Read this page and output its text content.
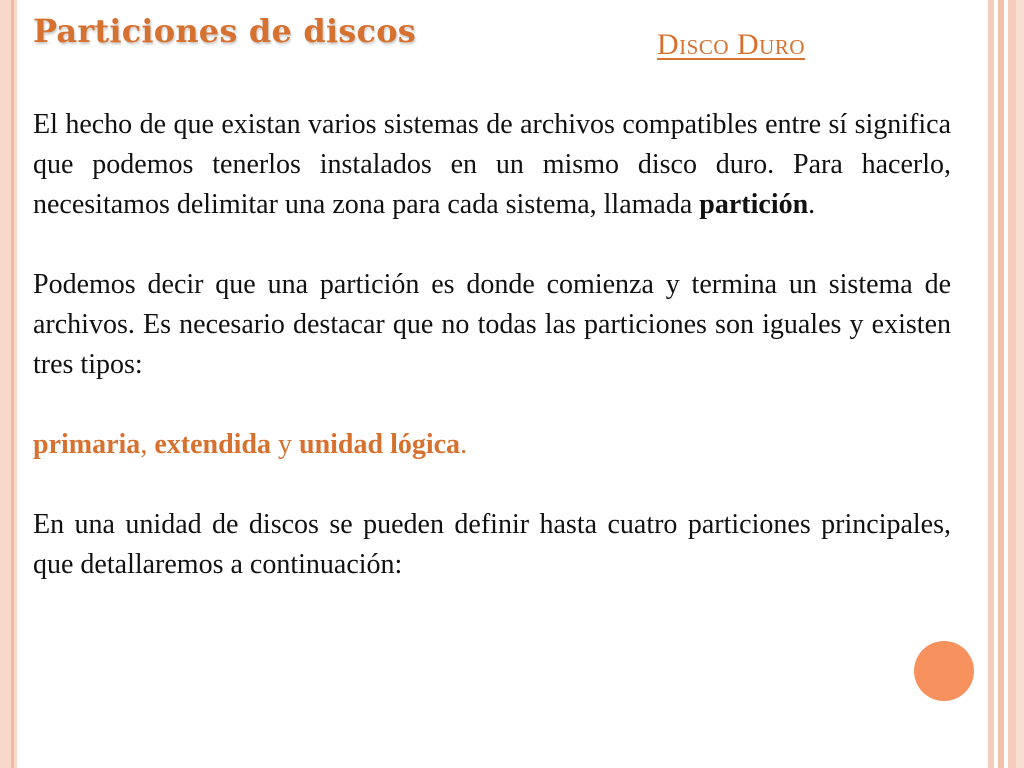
Particiones de discos	Disco Duro

El hecho de que existan varios sistemas de archivos compatibles entre sí significa que podemos tenerlos instalados en un mismo disco duro. Para hacerlo, necesitamos delimitar una zona para cada sistema, llamada partición.

Podemos decir que una partición es donde comienza y termina un sistema de archivos. Es necesario destacar que no todas las particiones son iguales y existen tres tipos:

primaria, extendida y unidad lógica.

En una unidad de discos se pueden definir hasta cuatro particiones principales, que detallaremos a continuación:
